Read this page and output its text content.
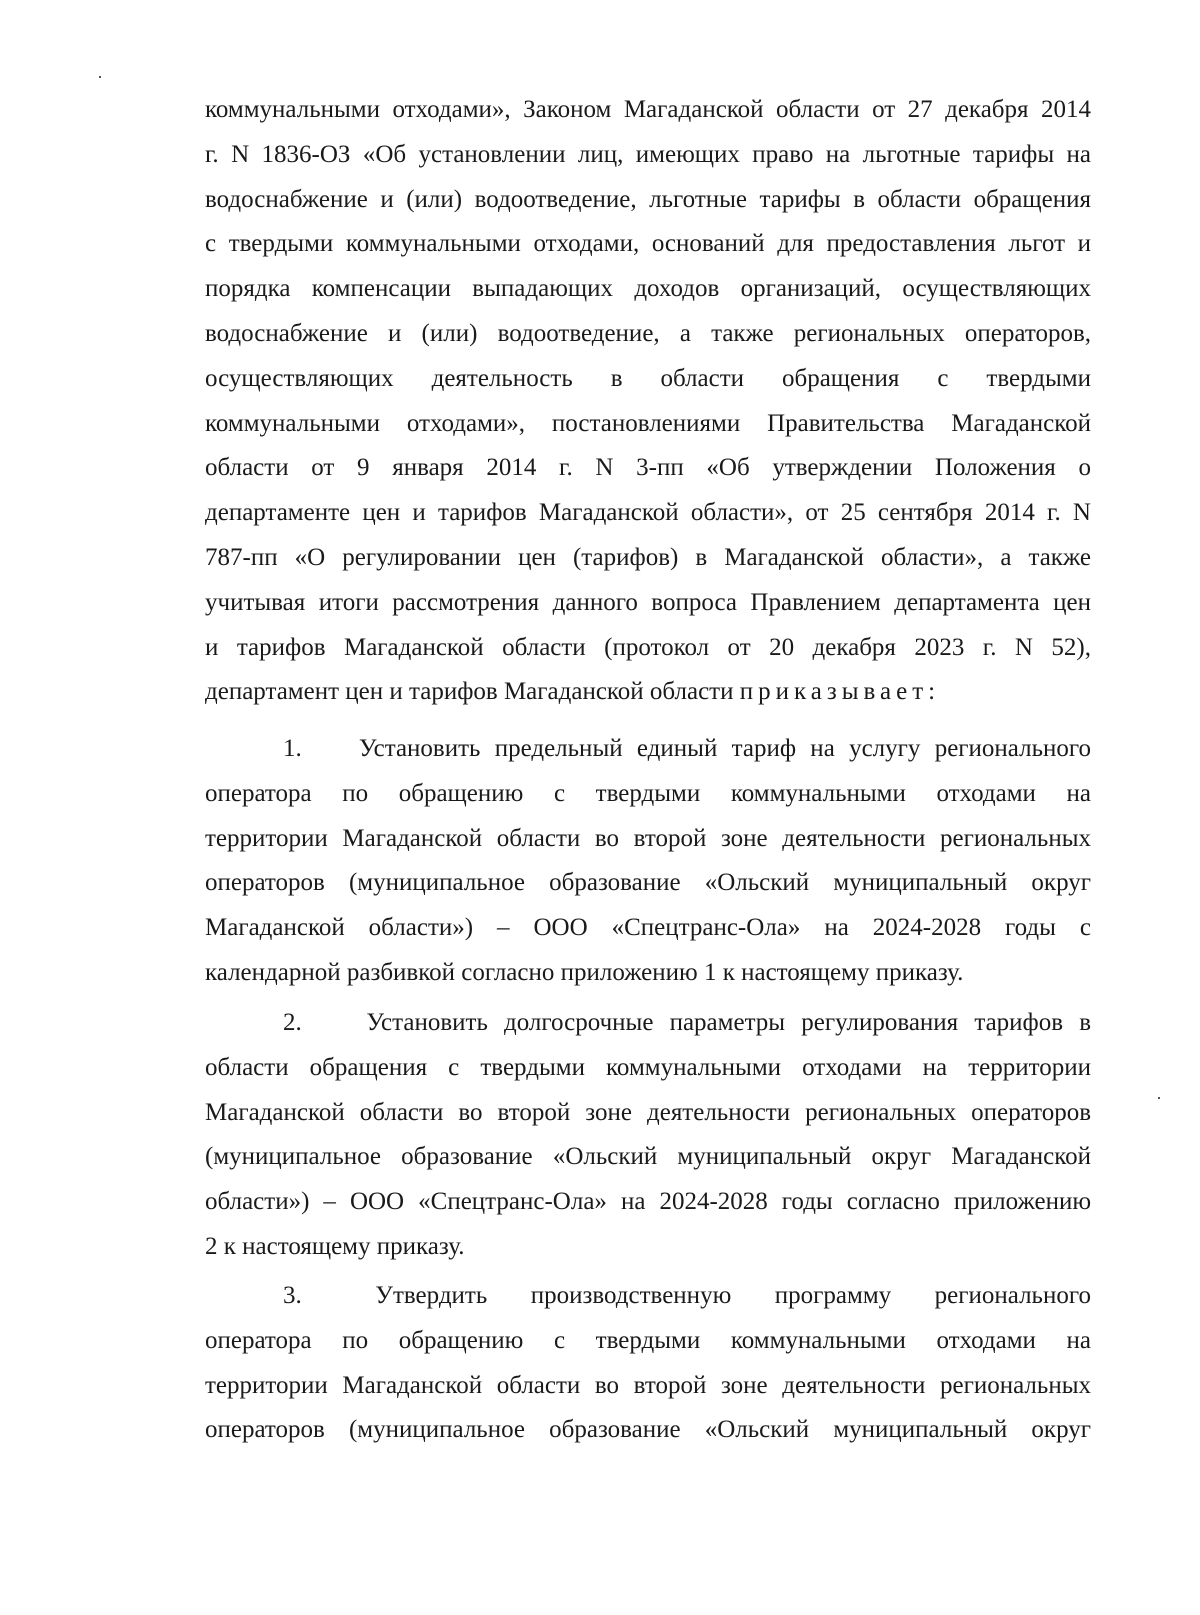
коммунальными отходами», Законом Магаданской области от 27 декабря 2014
г. N 1836-ОЗ «Об установлении лиц, имеющих право на льготные тарифы на
водоснабжение и (или) водоотведение, льготные тарифы в области обращения
с твердыми коммунальными отходами, оснований для предоставления льгот и
порядка компенсации выпадающих доходов организаций, осуществляющих
водоснабжение и (или) водоотведение, а также региональных операторов,
осуществляющих деятельность в области обращения с твердыми
коммунальными отходами», постановлениями Правительства Магаданской
области от 9 января 2014 г. N 3-пп «Об утверждении Положения о
департаменте цен и тарифов Магаданской области», от 25 сентября 2014 г. N
787-пп «О регулировании цен (тарифов) в Магаданской области», а также
учитывая итоги рассмотрения данного вопроса Правлением департамента цен
и тарифов Магаданской области (протокол от 20 декабря 2023 г. N 52),
департамент цен и тарифов Магаданской области приказывает:
1. Установить предельный единый тариф на услугу регионального
оператора по обращению с твердыми коммунальными отходами на
территории Магаданской области во второй зоне деятельности региональных
операторов (муниципальное образование «Ольский муниципальный округ
Магаданской области») – ООО «Спецтранс-Ола» на 2024-2028 годы с
календарной разбивкой согласно приложению 1 к настоящему приказу.
2.	Установить долгосрочные параметры регулирования тарифов в
области обращения с твердыми коммунальными отходами на территории
Магаданской области во второй зоне деятельности региональных операторов
(муниципальное образование «Ольский муниципальный округ Магаданской
области») – ООО «Спецтранс-Ола» на 2024-2028 годы согласно приложению
2 к настоящему приказу.
3.	Утвердить производственную программу регионального
оператора по обращению с твердыми коммунальными отходами на
территории Магаданской области во второй зоне деятельности региональных
операторов (муниципальное образование «Ольский муниципальный округ
